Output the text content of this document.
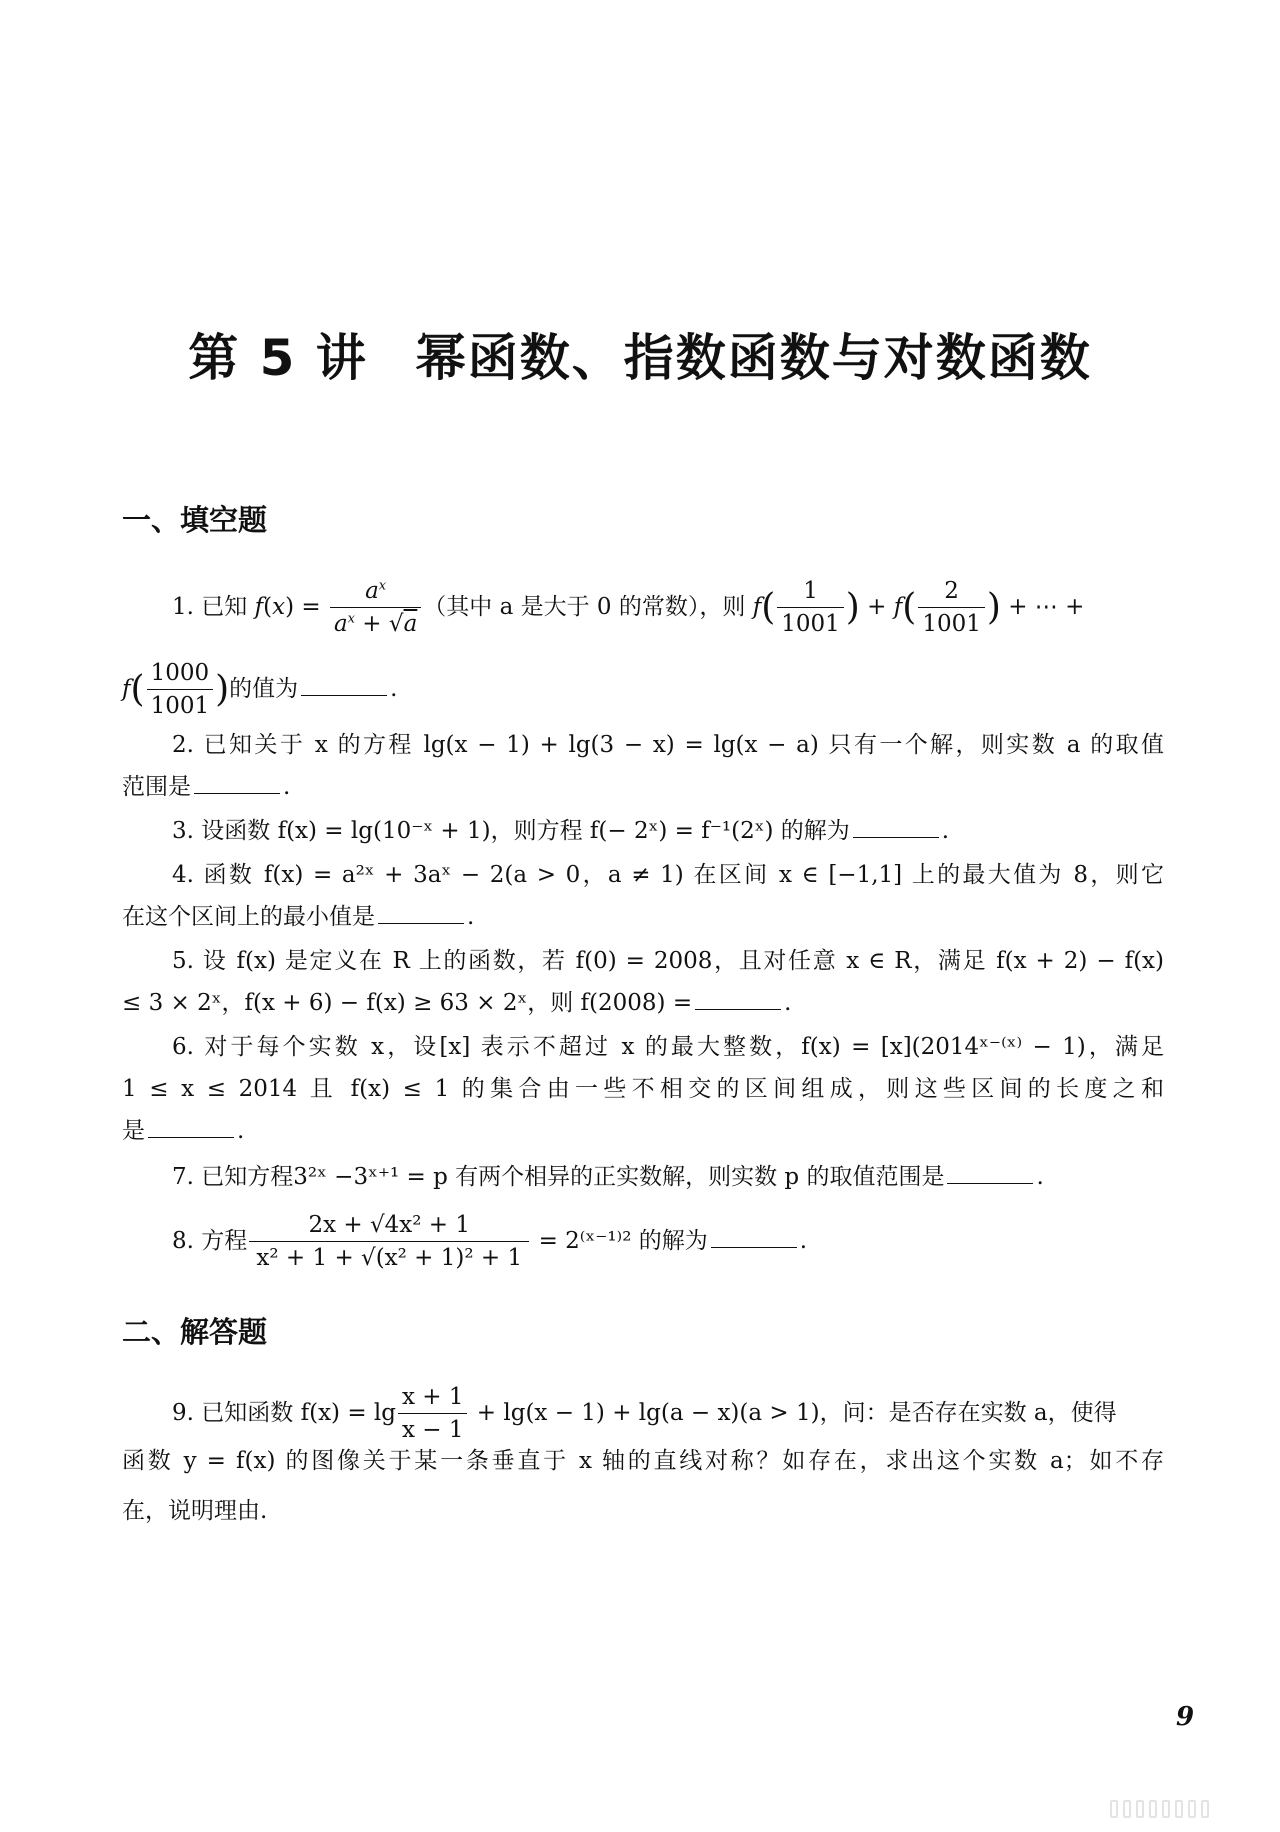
第 5 讲 幂函数、指数函数与对数函数
一、填空题
1. 已知 $f(x) = \frac{a^x}{a^x + √a}$ （其中 a 是大于 0 的常数），则 $f( \frac{1}{1001}$ ) + $f( \frac{2}{1001}$ ) + ⋯ +
$f( \frac{1000}{1001}$ )的值为	.
2. 已知关于 x 的方程 lg(x − 1) + lg(3 − x) = lg(x − a) 只有一个解，则实数 a 的取值
范围是	.
3. 设函数 f(x) = lg(10⁻ˣ + 1)，则方程 f(− 2ˣ) = f⁻¹(2ˣ) 的解为	.
4. 函数 f(x) = a²ˣ + 3aˣ − 2(a > 0，a ≠ 1) 在区间 x ∈ [−1,1] 上的最大值为 8，则它
在这个区间上的最小值是	.
5. 设 f(x) 是定义在 R 上的函数，若 f(0) = 2008，且对任意 x ∈ R，满足 f(x + 2) − f(x)
≤ 3 × 2ˣ，f(x + 6) − f(x) ≥ 63 × 2ˣ，则 f(2008) =	.
6. 对于每个实数 x，设[x] 表示不超过 x 的最大整数，f(x) = [x](2014ˣ⁻⁽ˣ⁾ − 1)，满足
1 ≤ x ≤ 2014 且 f(x) ≤ 1 的集合由一些不相交的区间组成，则这些区间的长度之和
是	.
7. 已知方程3²ˣ −3ˣ⁺¹ = p 有两个相异的正实数解，则实数 p 的取值范围是	.
8. 方程 $\frac{\text{2x + √4x² + 1}}{\text{x² + 1 + √(x² + 1)² + 1}}$ = 2⁽ˣ⁻¹⁾² 的解为	.
二、解答题
9. 已知函数 $f(x) = \lg \frac{x + 1}{x - 1} + \lg(x - 1) + \lg(a - x)(a > 1)$，问：是否存在实数 a，使得
函数 y = f(x) 的图像关于某一条垂直于 x 轴的直线对称？如存在，求出这个实数 a；如不存
在，说明理由.
9
